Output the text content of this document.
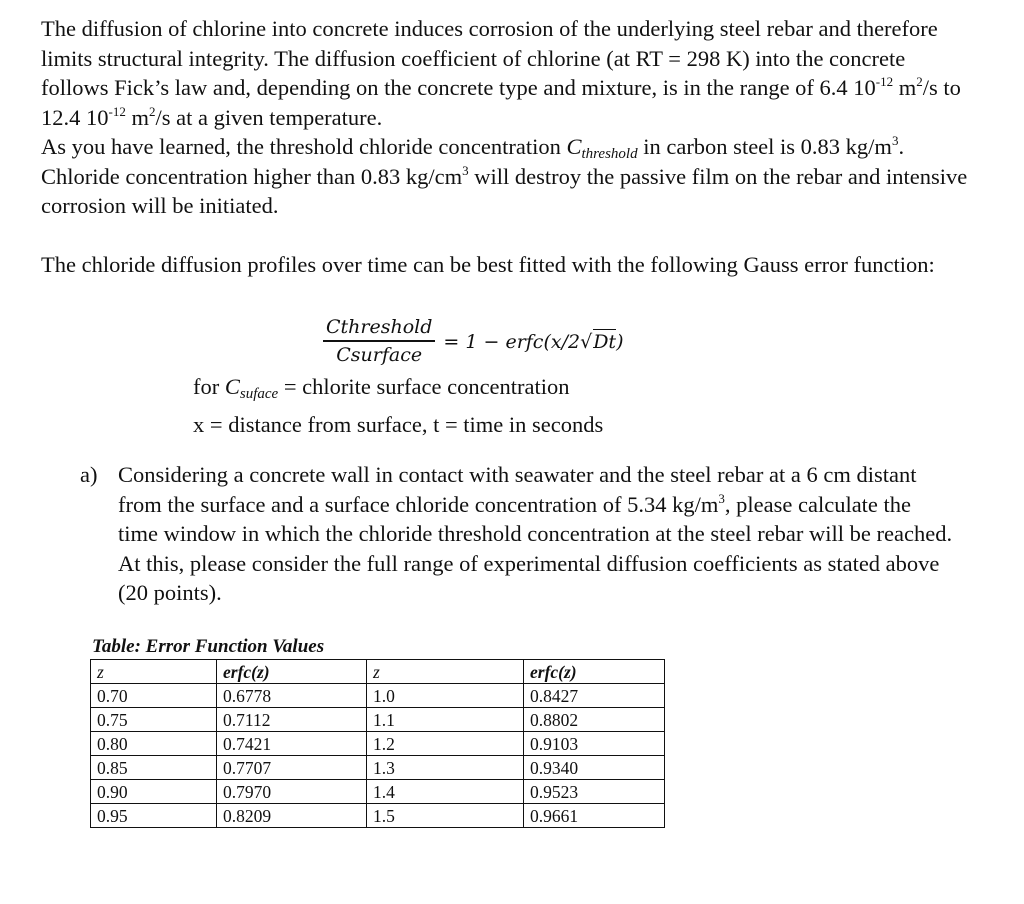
The diffusion of chlorine into concrete induces corrosion of the underlying steel rebar and therefore limits structural integrity. The diffusion coefficient of chlorine (at RT = 298 K) into the concrete follows Fick’s law and, depending on the concrete type and mixture, is in the range of 6.4 $10^{-12}$ $m^2/s$ to 12.4 $10^{-12}$ $m^2/s$ at a given temperature.
As you have learned, the threshold chloride concentration $C_{threshold}$ in carbon steel is 0.83 $kg/m^3$. Chloride concentration higher than 0.83 $kg/cm^3$ will destroy the passive film on the rebar and intensive corrosion will be initiated.
The chloride diffusion profiles over time can be best fitted with the following Gauss error function:
$\frac{\text{Cthreshold}}{\text{Csurface}} = 1$ − erfc(x/2√Dt)
for Csuface = chlorite surface concentration
x = distance from surface, t = time in seconds
a) Considering a concrete wall in contact with seawater and the steel rebar at a 6 cm distant from the surface and a surface chloride concentration of 5.34 $kg/m^3$, please calculate the time window in which the chloride threshold concentration at the steel rebar will be reached. At this, please consider the full range of experimental diffusion coefficients as stated above (20 points).
Table: Error Function Values
z	erfc(z)	z	erfc(z)
0.70	0.6778	1.0	0.8427
0.75	0.7112	1.1	0.8802
0.80	0.7421	1.2	0.9103
0.85	0.7707	1.3	0.9340
0.90	0.7970	1.4	0.9523
0.95	0.8209	1.5	0.9661
